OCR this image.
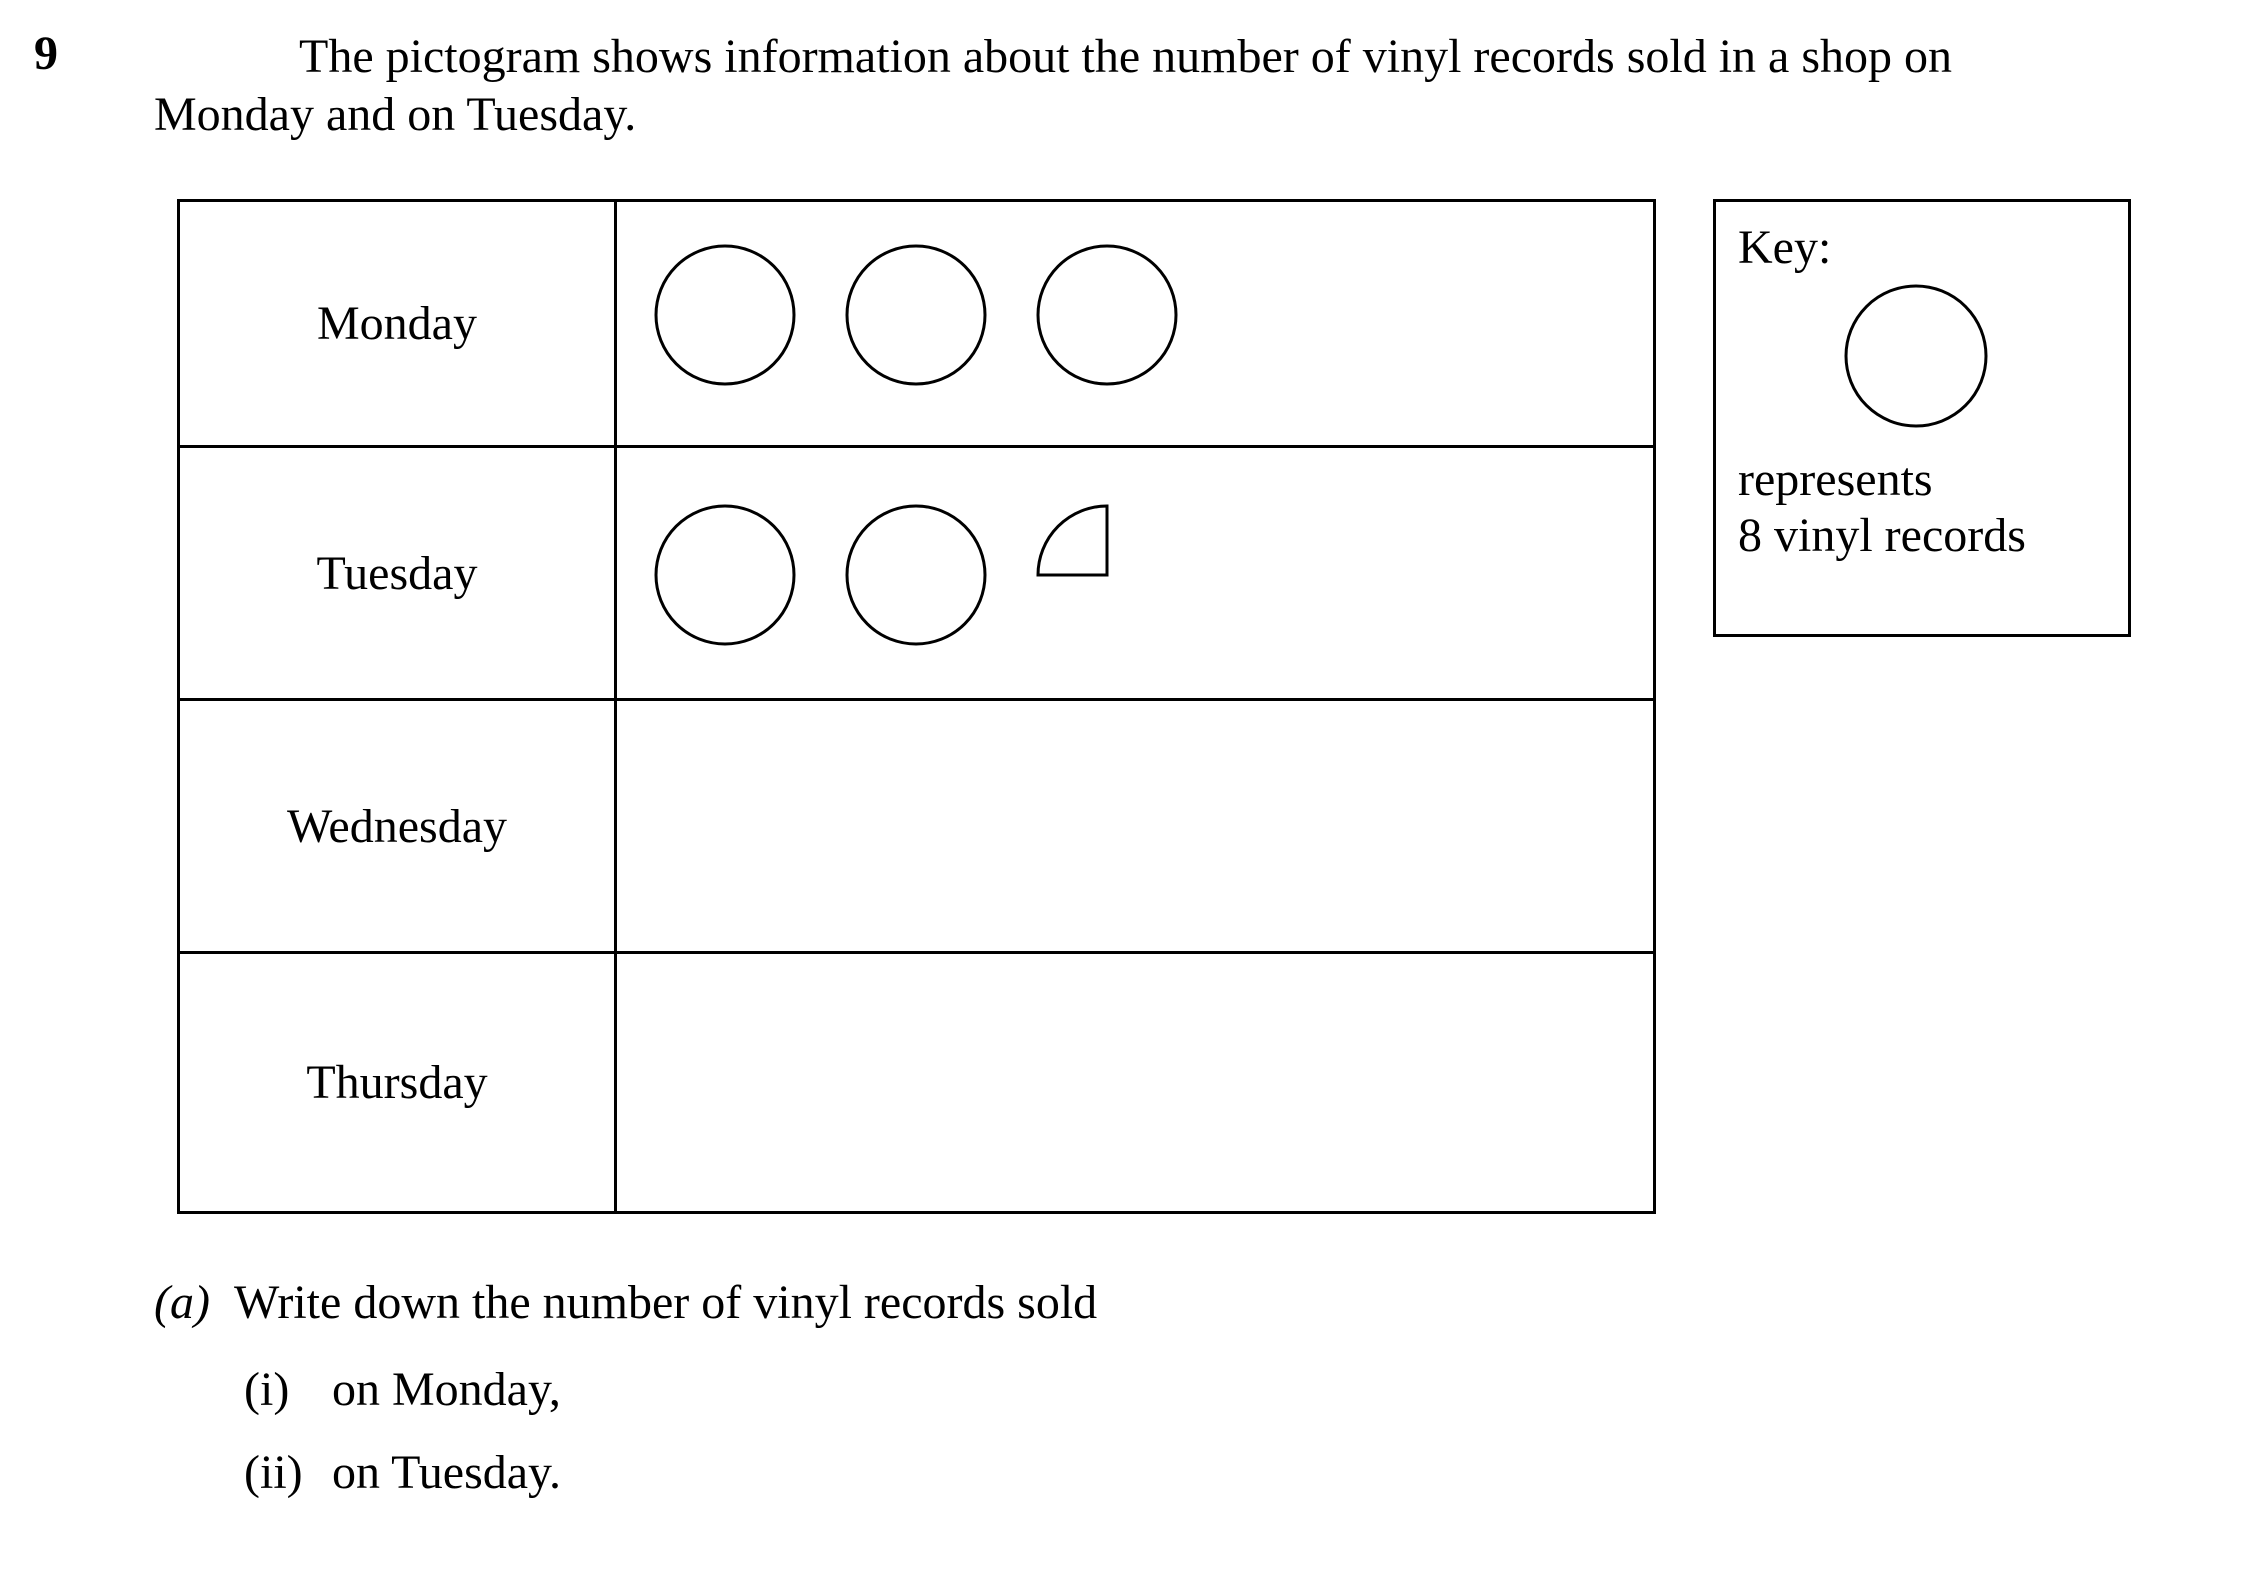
9	The pictogram shows information about the number of vinyl records sold in a shop on Monday and on Tuesday.
Monday
Tuesday
Wednesday
Thursday
Key:
represents
8 vinyl records
(a) Write down the number of vinyl records sold
(i) on Monday,
(ii) on Tuesday.
